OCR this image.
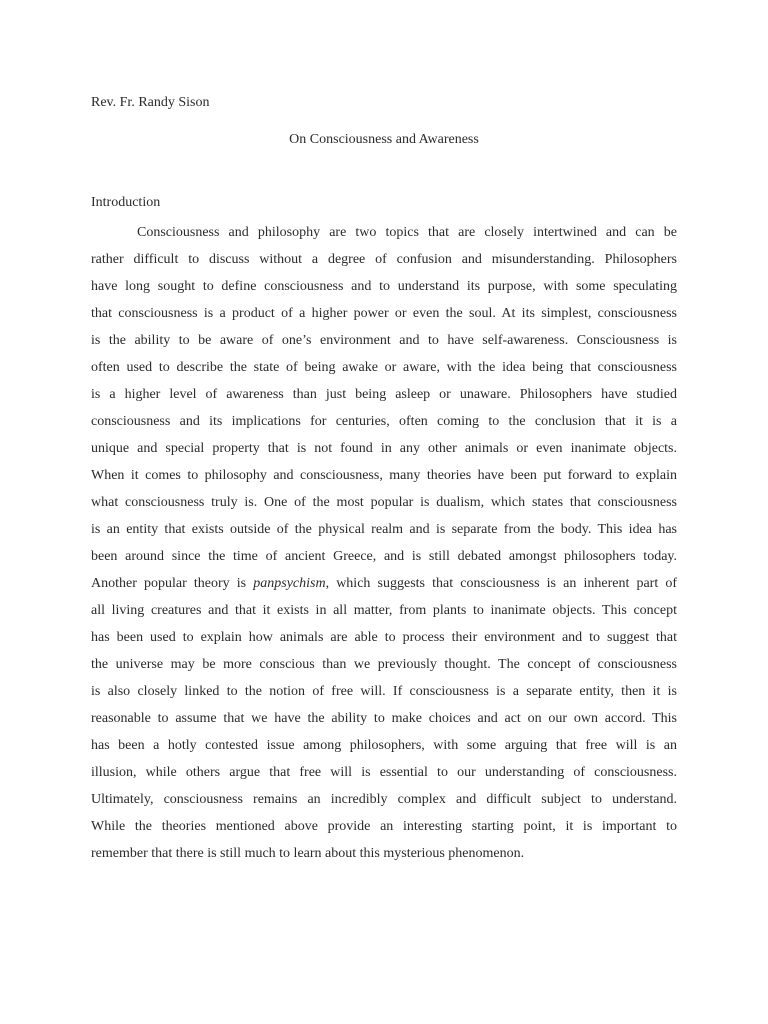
Rev. Fr. Randy Sison
On Consciousness and Awareness
Introduction
Consciousness and philosophy are two topics that are closely intertwined and can be
rather difficult to discuss without a degree of confusion and misunderstanding. Philosophers
have long sought to define consciousness and to understand its purpose, with some speculating
that consciousness is a product of a higher power or even the soul. At its simplest, consciousness
is the ability to be aware of one’s environment and to have self-awareness. Consciousness is
often used to describe the state of being awake or aware, with the idea being that consciousness
is a higher level of awareness than just being asleep or unaware. Philosophers have studied
consciousness and its implications for centuries, often coming to the conclusion that it is a
unique and special property that is not found in any other animals or even inanimate objects.
When it comes to philosophy and consciousness, many theories have been put forward to explain
what consciousness truly is. One of the most popular is dualism, which states that consciousness
is an entity that exists outside of the physical realm and is separate from the body. This idea has
been around since the time of ancient Greece, and is still debated amongst philosophers today.
Another popular theory is panpsychism, which suggests that consciousness is an inherent part of
all living creatures and that it exists in all matter, from plants to inanimate objects. This concept
has been used to explain how animals are able to process their environment and to suggest that
the universe may be more conscious than we previously thought. The concept of consciousness
is also closely linked to the notion of free will. If consciousness is a separate entity, then it is
reasonable to assume that we have the ability to make choices and act on our own accord. This
has been a hotly contested issue among philosophers, with some arguing that free will is an
illusion, while others argue that free will is essential to our understanding of consciousness.
Ultimately, consciousness remains an incredibly complex and difficult subject to understand.
While the theories mentioned above provide an interesting starting point, it is important to
remember that there is still much to learn about this mysterious phenomenon.
